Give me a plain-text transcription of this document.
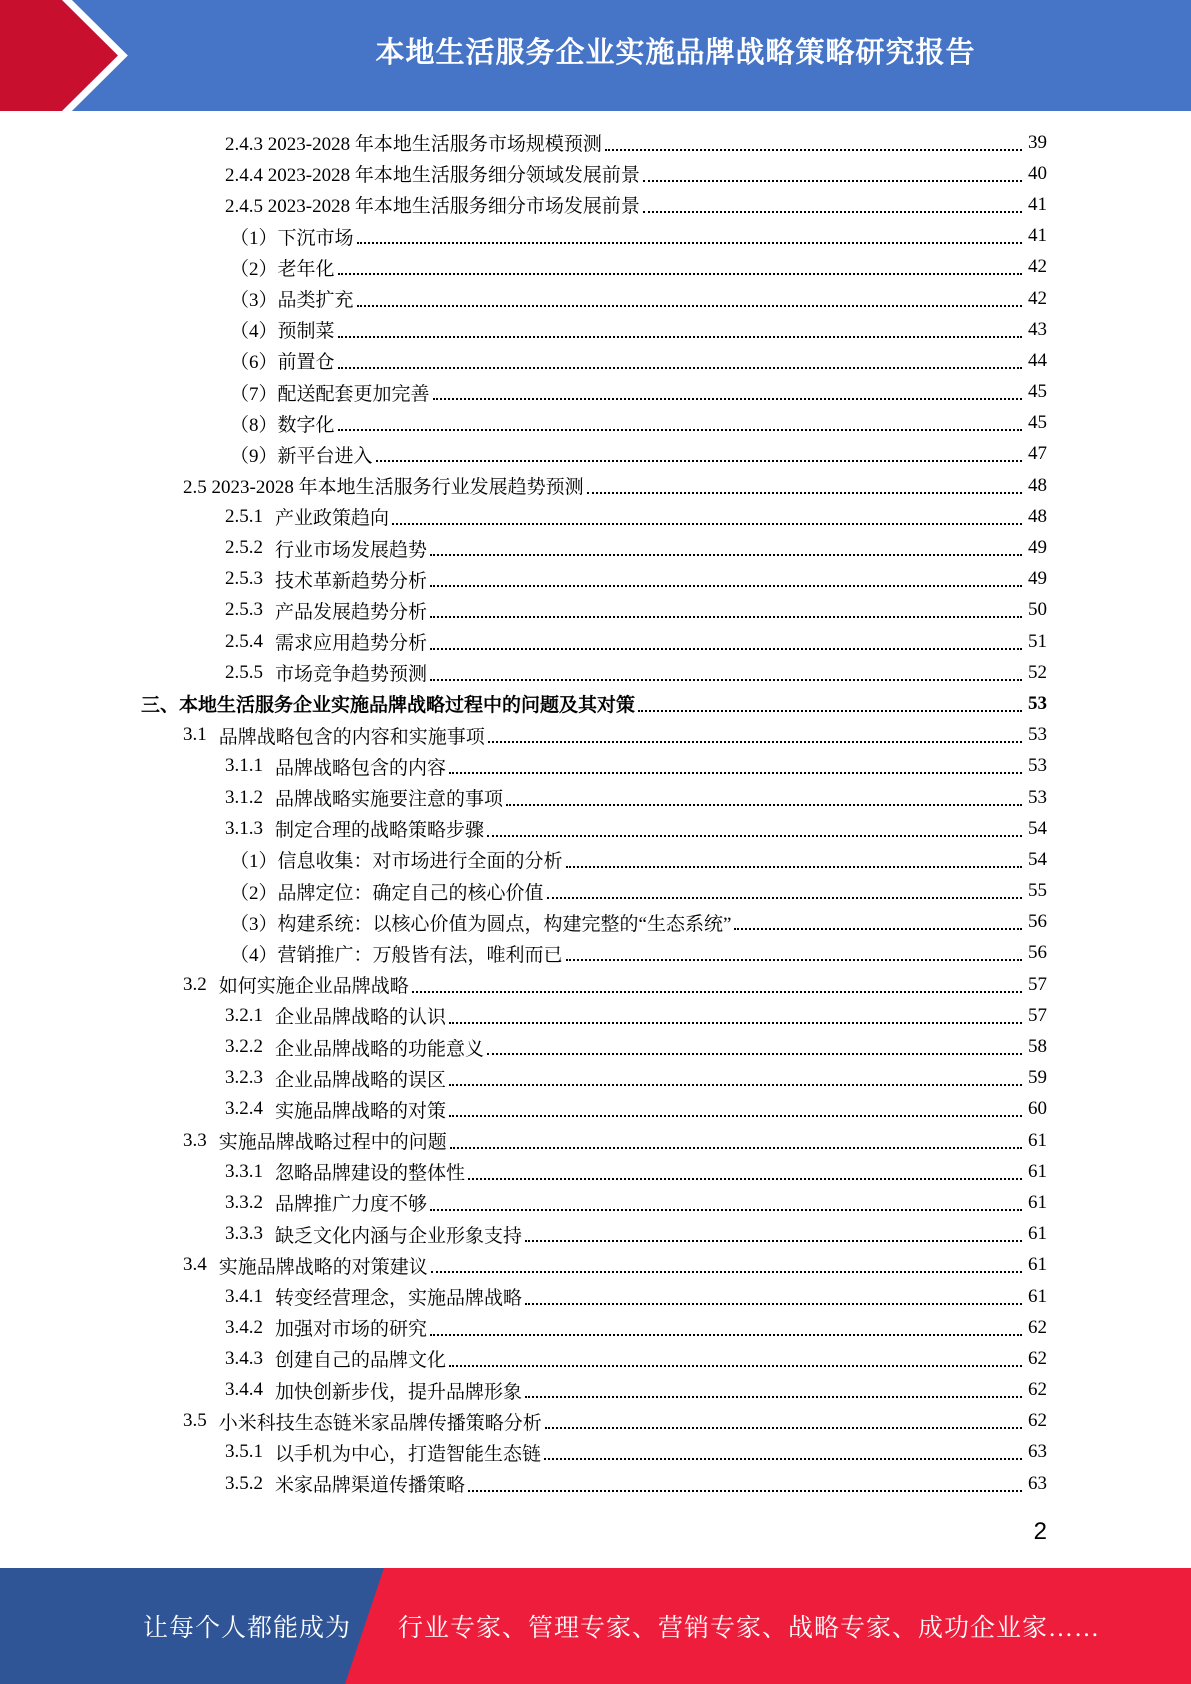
本地生活服务企业实施品牌战略策略研究报告
2.4.3 2023-2028 年本地生活服务市场规模预测	39
2.4.4 2023-2028 年本地生活服务细分领域发展前景	40
2.4.5 2023-2028 年本地生活服务细分市场发展前景	41
（1） 下沉市场	41
（2） 老年化	42
（3） 品类扩充	42
（4） 预制菜	43
（6） 前置仓	44
（7） 配送配套更加完善	45
（8） 数字化	45
（9） 新平台进入	47
2.5 2023-2028 年本地生活服务行业发展趋势预测	48
2.5.1 产业政策趋向	48
2.5.2 行业市场发展趋势	49
2.5.3 技术革新趋势分析	49
2.5.3 产品发展趋势分析	50
2.5.4 需求应用趋势分析	51
2.5.5 市场竞争趋势预测	52
三、本地生活服务企业实施品牌战略过程中的问题及其对策	53
3.1 品牌战略包含的内容和实施事项	53
3.1.1 品牌战略包含的内容	53
3.1.2 品牌战略实施要注意的事项	53
3.1.3 制定合理的战略策略步骤	54
（1） 信息收集：对市场进行全面的分析	54
（2） 品牌定位：确定自己的核心价值	55
（3） 构建系统：以核心价值为圆点，构建完整的“生态系统”	56
（4） 营销推广：万般皆有法，唯利而已	56
3.2 如何实施企业品牌战略	57
3.2.1 企业品牌战略的认识	57
3.2.2 企业品牌战略的功能意义	58
3.2.3 企业品牌战略的误区	59
3.2.4 实施品牌战略的对策	60
3.3 实施品牌战略过程中的问题	61
3.3.1 忽略品牌建设的整体性	61
3.3.2 品牌推广力度不够	61
3.3.3 缺乏文化内涵与企业形象支持	61
3.4 实施品牌战略的对策建议	61
3.4.1 转变经营理念，实施品牌战略	61
3.4.2 加强对市场的研究	62
3.4.3 创建自己的品牌文化	62
3.4.4 加快创新步伐，提升品牌形象	62
3.5 小米科技生态链米家品牌传播策略分析	62
3.5.1 以手机为中心，打造智能生态链	63
3.5.2 米家品牌渠道传播策略	63
2
让每个人都能成为 行业专家、管理专家、营销专家、战略专家、成功企业家……
